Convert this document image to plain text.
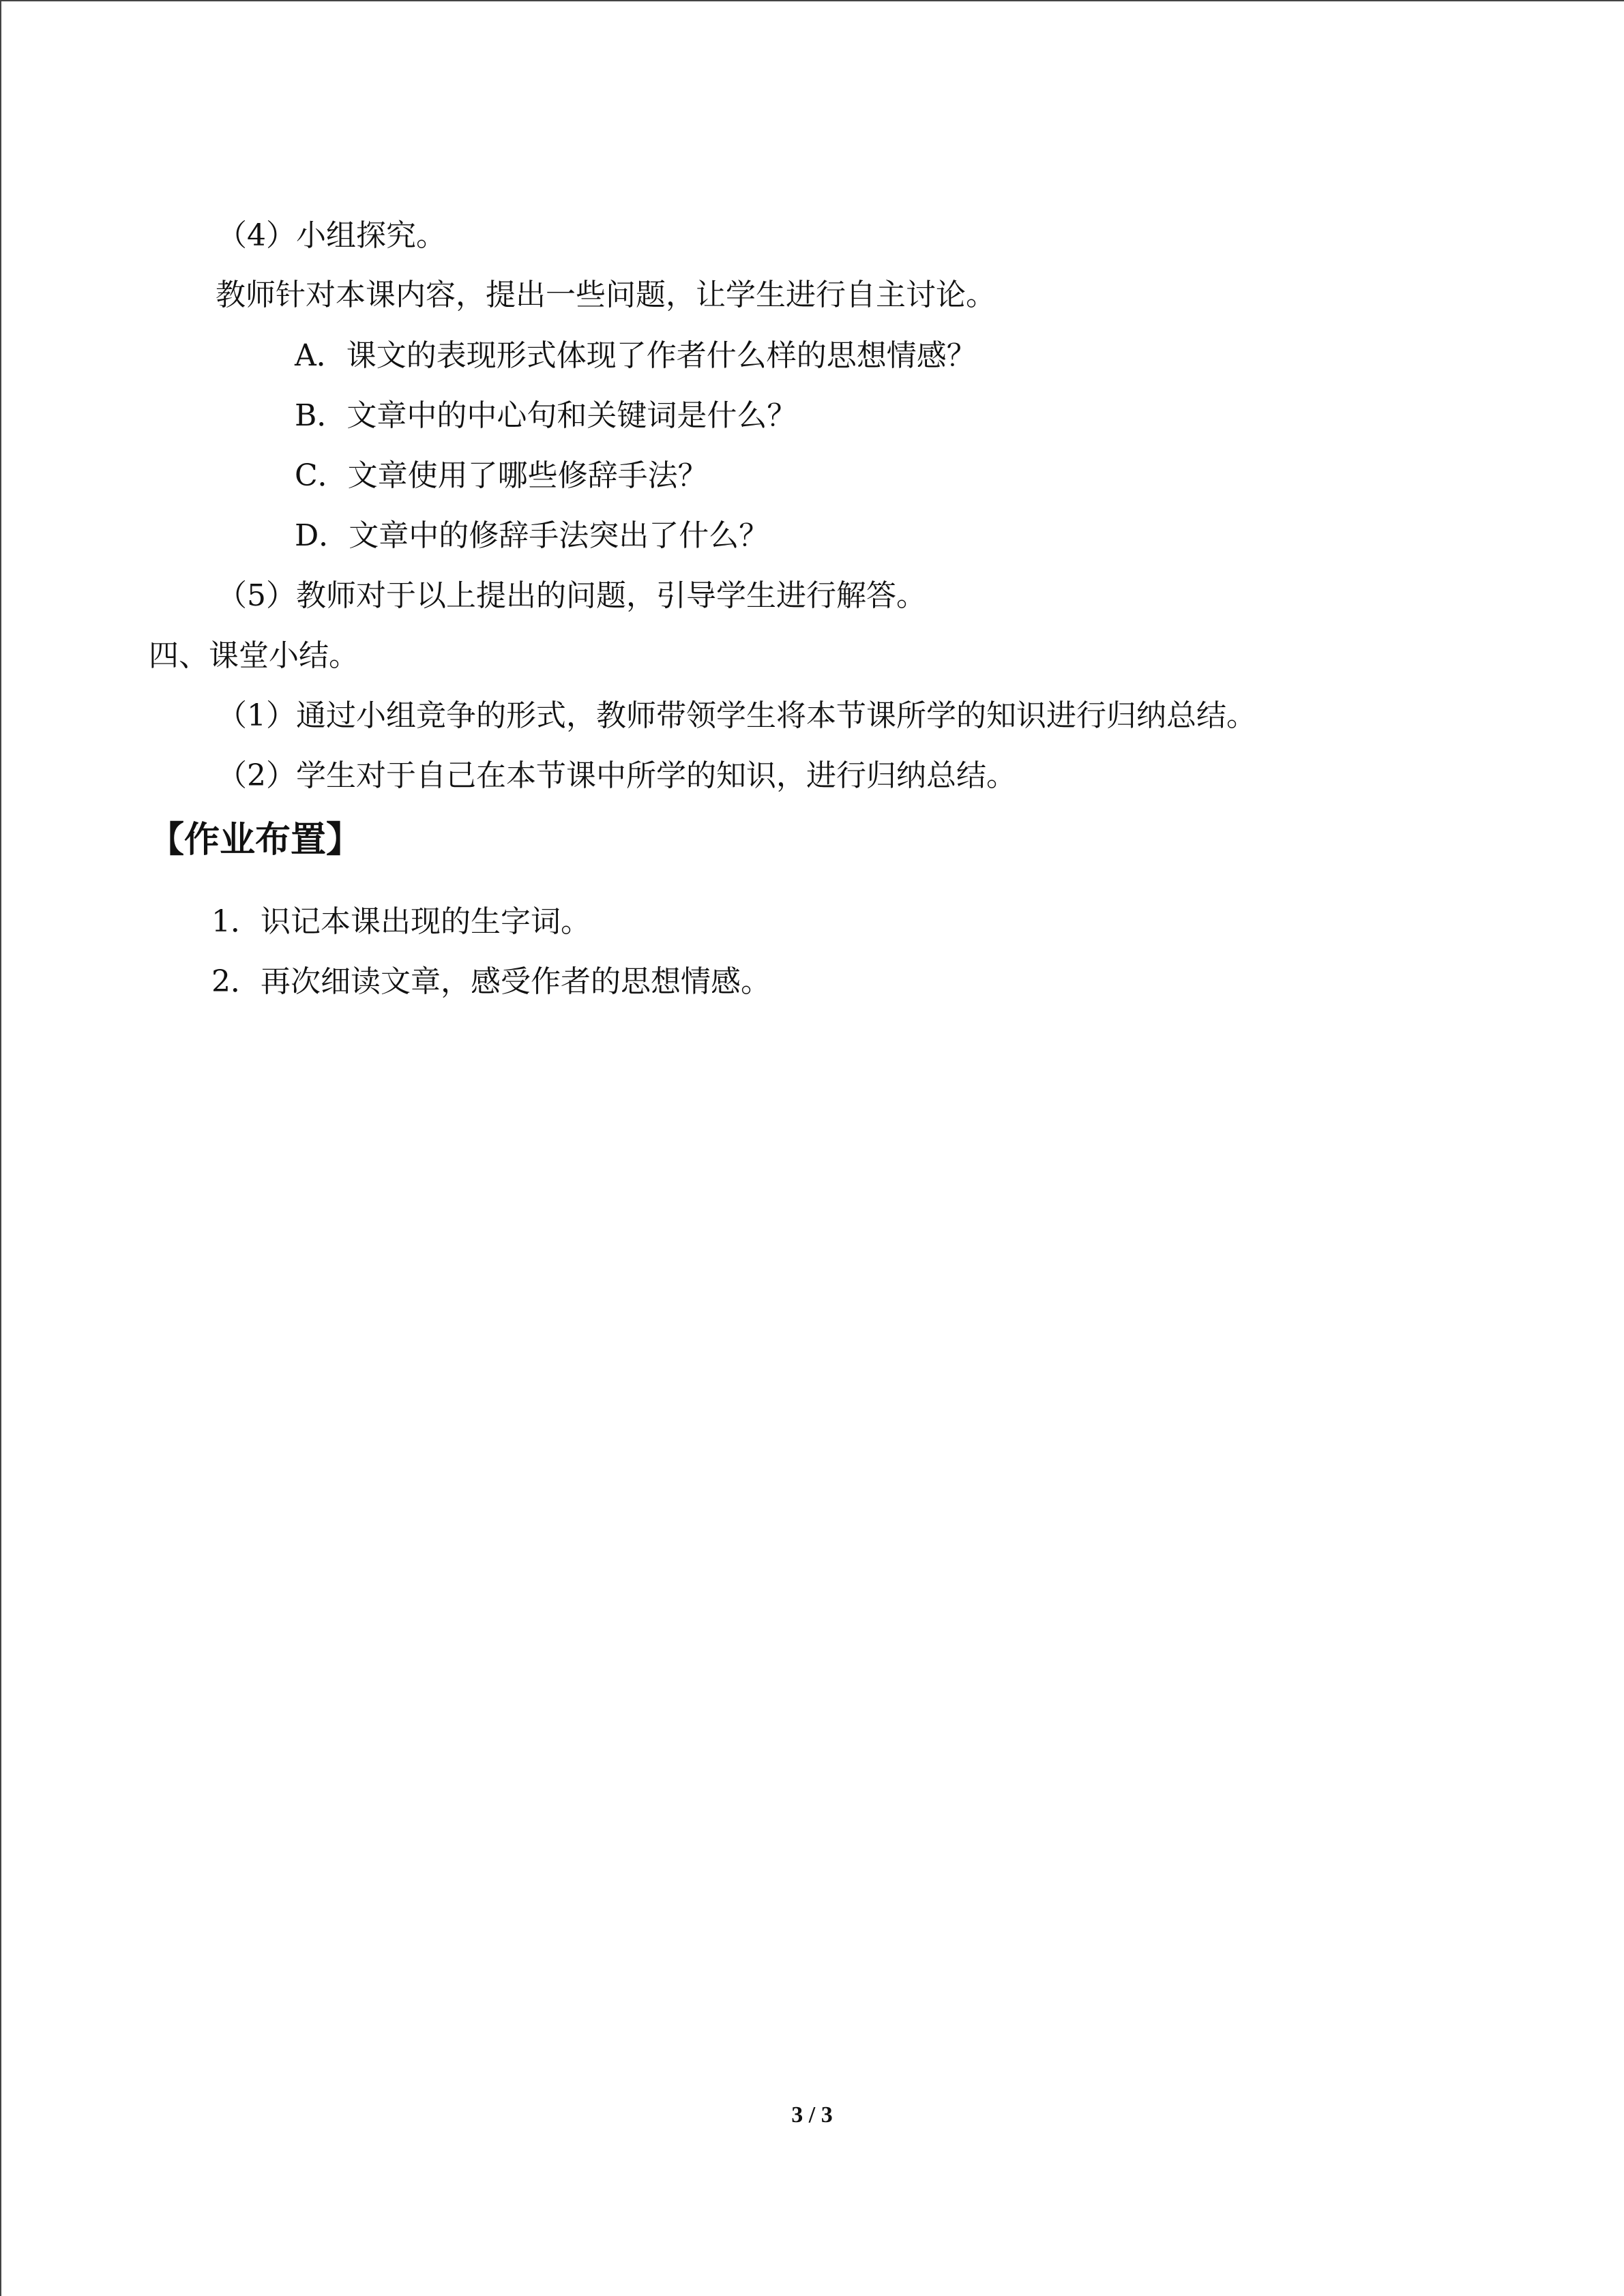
（4）小组探究。
教师针对本课内容，提出一些问题，让学生进行自主讨论。
A．课文的表现形式体现了作者什么样的思想情感？
B．文章中的中心句和关键词是什么？
C．文章使用了哪些修辞手法？
D．文章中的修辞手法突出了什么？
（5）教师对于以上提出的问题，引导学生进行解答。
四、课堂小结。
（1）通过小组竞争的形式，教师带领学生将本节课所学的知识进行归纳总结。
（2）学生对于自己在本节课中所学的知识，进行归纳总结。
【作业布置】
1．识记本课出现的生字词。
2．再次细读文章，感受作者的思想情感。
3 / 3
